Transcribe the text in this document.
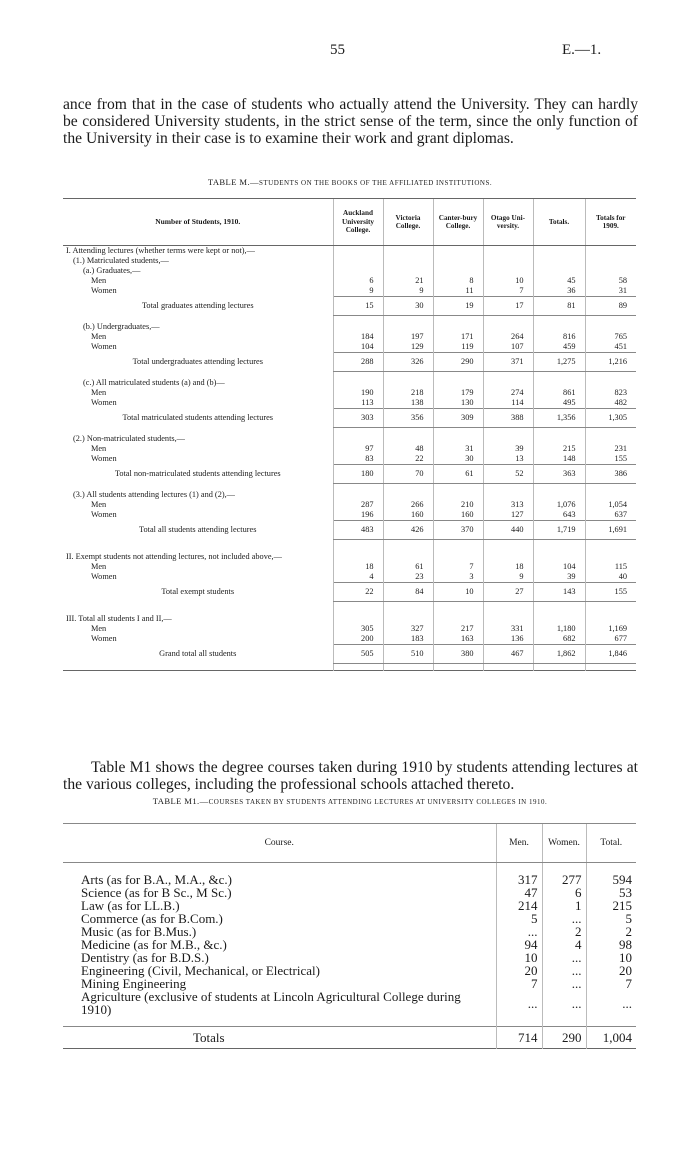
55	E.—1.

ance from that in the case of students who actually attend the University. They can hardly be considered University students, in the strict sense of the term, since the only function of the University in their case is to examine their work and grant diplomas.

TABLE M.—STUDENTS ON THE BOOKS OF THE AFFILIATED INSTITUTIONS.
Number of Students, 1910.	Auckland University College.	Victoria College.	Canter-bury College.	Otago Uni-versity.	Totals.	Totals for 1909.
I. Attending lectures (whether terms were kept or not),—						
(1.) Matriculated students,—						
(a.) Graduates,—						
Men	6	21	8	10	45	58
Women	9	9	11	7	36	31
Total graduates attending lectures	15	30	19	17	81	89

(b.) Undergraduates,—						
Men	184	197	171	264	816	765
Women	104	129	119	107	459	451
Total undergraduates attending lectures	288	326	290	371	1,275	1,216

(c.) All matriculated students (a) and (b)—						
Men	190	218	179	274	861	823
Women	113	138	130	114	495	482
Total matriculated students attending lectures	303	356	309	388	1,356	1,305

(2.) Non-matriculated students,—						
Men	97	48	31	39	215	231
Women	83	22	30	13	148	155
Total non-matriculated students attending lectures	180	70	61	52	363	386

(3.) All students attending lectures (1) and (2),—						
Men	287	266	210	313	1,076	1,054
Women	196	160	160	127	643	637
Total all students attending lectures	483	426	370	440	1,719	1,691

II. Exempt students not attending lectures, not included above,—						
Men	18	61	7	18	104	115
Women	4	23	3	9	39	40
Total exempt students	22	84	10	27	143	155

III. Total all students I and II,—						
Men	305	327	217	331	1,180	1,169
Women	200	183	163	136	682	677
Grand total all students	505	510	380	467	1,862	1,846

Table M1 shows the degree courses taken during 1910 by students attending lectures at the various colleges, including the professional schools attached thereto.

TABLE M1.—COURSES TAKEN BY STUDENTS ATTENDING LECTURES AT UNIVERSITY COLLEGES IN 1910.
Course.	Men.	Women.	Total.

Arts (as for B.A., M.A., &c.)	317	277	594
Science (as for B Sc., M Sc.)	47	6	53
Law (as for LL.B.)	214	1	215
Commerce (as for B.Com.)	5	...	5
Music (as for B.Mus.)	...	2	2
Medicine (as for M.B., &c.)	94	4	98
Dentistry (as for B.D.S.)	10	...	10
Engineering (Civil, Mechanical, or Electrical)	20	...	20
Mining Engineering	7	...	7
Agriculture (exclusive of students at Lincoln Agricultural College during 1910)	...	...	...

Totals	714	290	1,004
